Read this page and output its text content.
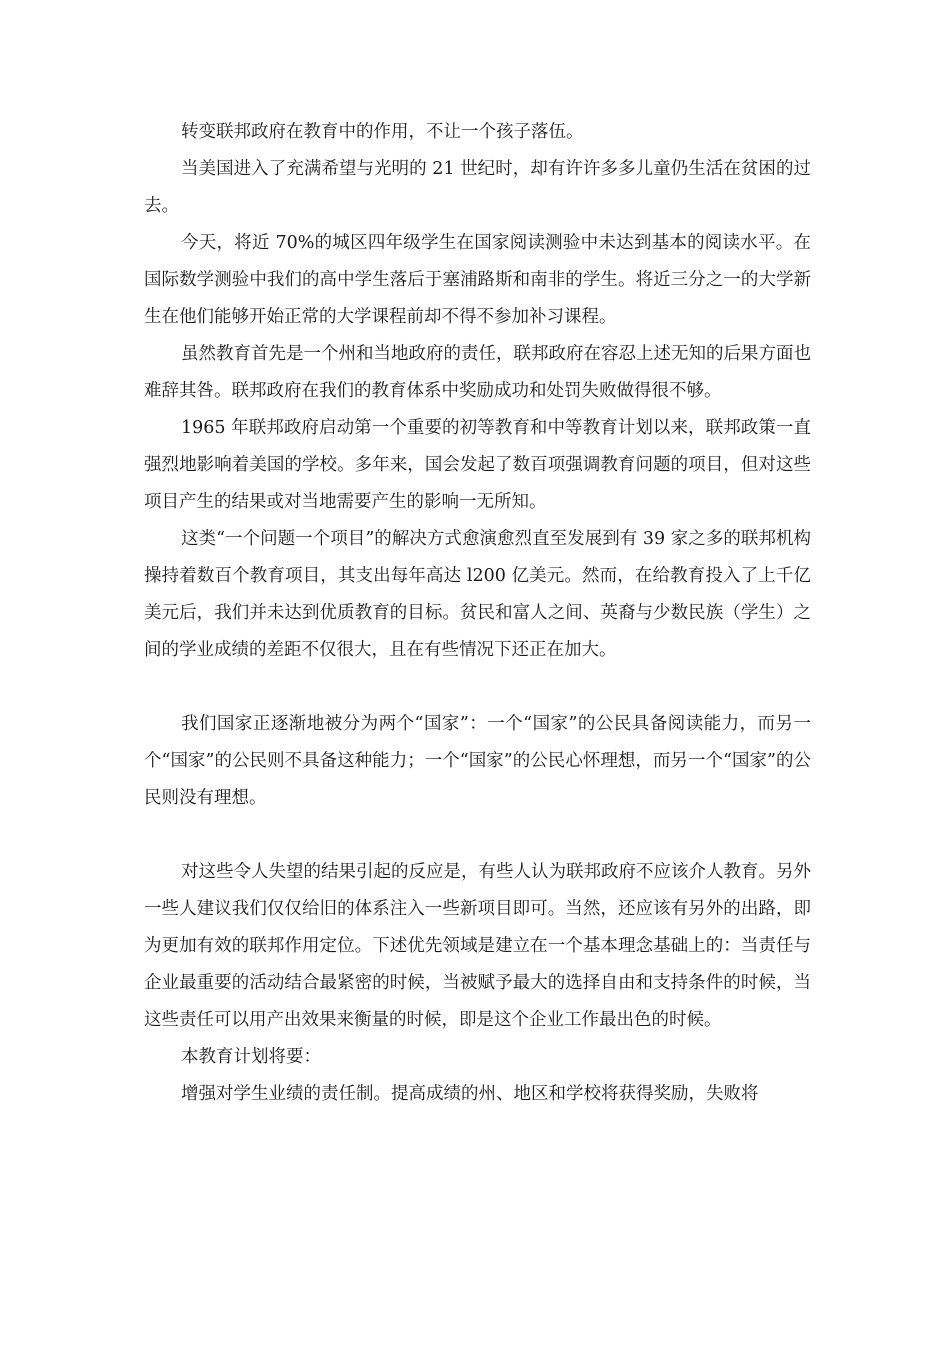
转变联邦政府在教育中的作用，不让一个孩子落伍。

当美国进入了充满希望与光明的 21 世纪时，却有许许多多儿童仍生活在贫困的过去。

今天，将近 70%的城区四年级学生在国家阅读测验中未达到基本的阅读水平。在国际数学测验中我们的高中学生落后于塞浦路斯和南非的学生。将近三分之一的大学新生在他们能够开始正常的大学课程前却不得不参加补习课程。

虽然教育首先是一个州和当地政府的责任，联邦政府在容忍上述无知的后果方面也难辞其咎。联邦政府在我们的教育体系中奖励成功和处罚失败做得很不够。

1965 年联邦政府启动第一个重要的初等教育和中等教育计划以来，联邦政策一直强烈地影响着美国的学校。多年来，国会发起了数百项强调教育问题的项目，但对这些项目产生的结果或对当地需要产生的影响一无所知。

这类“一个问题一个项目”的解决方式愈演愈烈直至发展到有 39 家之多的联邦机构操持着数百个教育项目，其支出每年高达 l200 亿美元。然而，在给教育投入了上千亿美元后，我们并未达到优质教育的目标。贫民和富人之间、英裔与少数民族（学生）之间的学业成绩的差距不仅很大，且在有些情况下还正在加大。

我们国家正逐渐地被分为两个“国家”：一个“国家”的公民具备阅读能力，而另一个“国家”的公民则不具备这种能力；一个“国家”的公民心怀理想，而另一个“国家”的公民则没有理想。

对这些令人失望的结果引起的反应是，有些人认为联邦政府不应该介人教育。另外一些人建议我们仅仅给旧的体系注入一些新项目即可。当然，还应该有另外的出路，即为更加有效的联邦作用定位。下述优先领域是建立在一个基本理念基础上的：当责任与企业最重要的活动结合最紧密的时候，当被赋予最大的选择自由和支持条件的时候，当这些责任可以用产出效果来衡量的时候，即是这个企业工作最出色的时候。

本教育计划将要：

增强对学生业绩的责任制。提高成绩的州、地区和学校将获得奖励，失败将
